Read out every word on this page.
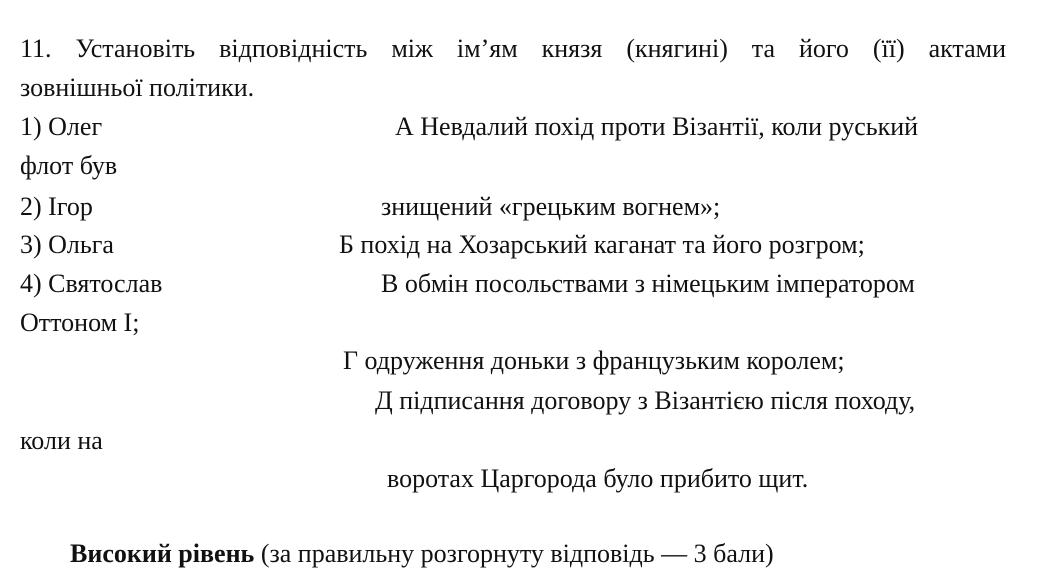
11. Установіть відповідність між ім’ям князя (княгині) та його (її) актами
зовнішньої політики.
1) Олег	А Невдалий похід проти Візантії, коли руський
флот був
2) Ігор	знищений «грецьким вогнем»;
3) Ольга	Б похід на Хозарський каганат та його розгром;
4) Святослав	В обмін посольствами з німецьким імператором
Оттоном І;
Г одруження доньки з французьким королем;
Д підписання договору з Візантією після походу,
коли на
воротах Царгорода було прибито щит.
Високий рівень (за правильну розгорнуту відповідь — 3 бали)
